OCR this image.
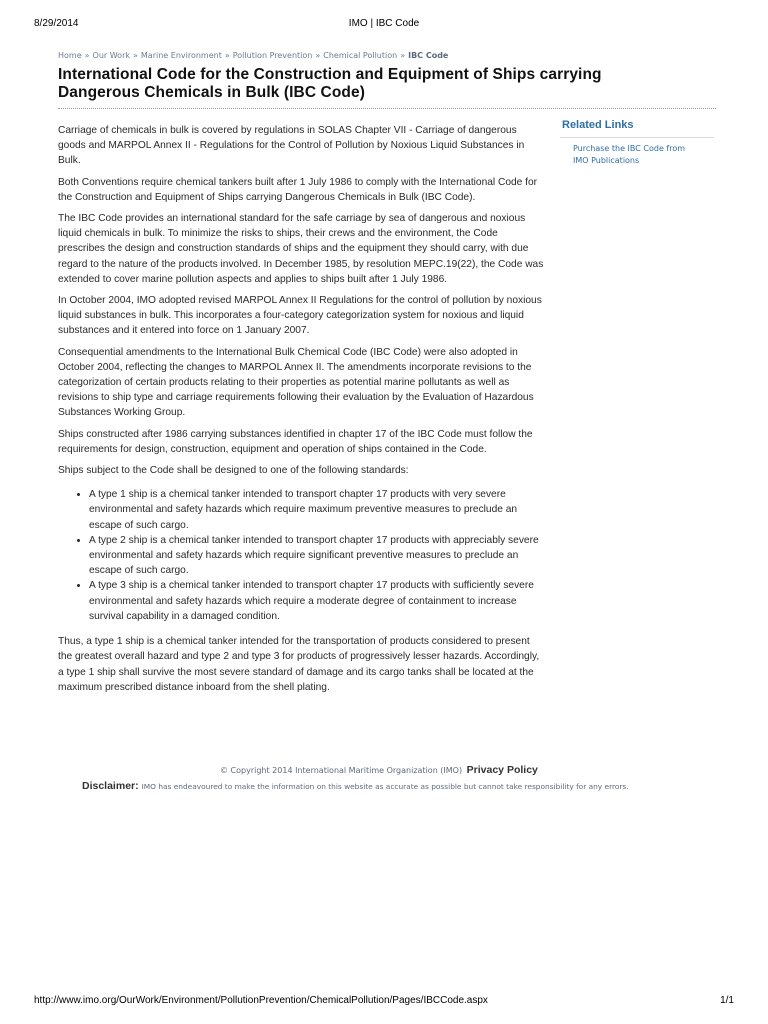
8/29/2014	IMO | IBC Code
Home » Our Work » Marine Environment » Pollution Prevention » Chemical Pollution » IBC Code
International Code for the Construction and Equipment of Ships carrying Dangerous Chemicals in Bulk (IBC Code)

Carriage of chemicals in bulk is covered by regulations in SOLAS Chapter VII - Carriage of dangerous goods and MARPOL Annex II - Regulations for the Control of Pollution by Noxious Liquid Substances in Bulk.

Both Conventions require chemical tankers built after 1 July 1986 to comply with the International Code for the Construction and Equipment of Ships carrying Dangerous Chemicals in Bulk (IBC Code).

The IBC Code provides an international standard for the safe carriage by sea of dangerous and noxious liquid chemicals in bulk. To minimize the risks to ships, their crews and the environment, the Code prescribes the design and construction standards of ships and the equipment they should carry, with due regard to the nature of the products involved. In December 1985, by resolution MEPC.19(22), the Code was extended to cover marine pollution aspects and applies to ships built after 1 July 1986.

In October 2004, IMO adopted revised MARPOL Annex II Regulations for the control of pollution by noxious liquid substances in bulk. This incorporates a four-category categorization system for noxious and liquid substances and it entered into force on 1 January 2007.

Consequential amendments to the International Bulk Chemical Code (IBC Code) were also adopted in October 2004, reflecting the changes to MARPOL Annex II. The amendments incorporate revisions to the categorization of certain products relating to their properties as potential marine pollutants as well as revisions to ship type and carriage requirements following their evaluation by the Evaluation of Hazardous Substances Working Group.

Ships constructed after 1986 carrying substances identified in chapter 17 of the IBC Code must follow the requirements for design, construction, equipment and operation of ships contained in the Code.

Ships subject to the Code shall be designed to one of the following standards:

• A type 1 ship is a chemical tanker intended to transport chapter 17 products with very severe environmental and safety hazards which require maximum preventive measures to preclude an escape of such cargo.
• A type 2 ship is a chemical tanker intended to transport chapter 17 products with appreciably severe environmental and safety hazards which require significant preventive measures to preclude an escape of such cargo.
• A type 3 ship is a chemical tanker intended to transport chapter 17 products with sufficiently severe environmental and safety hazards which require a moderate degree of containment to increase survival capability in a damaged condition.

Thus, a type 1 ship is a chemical tanker intended for the transportation of products considered to present the greatest overall hazard and type 2 and type 3 for products of progressively lesser hazards. Accordingly, a type 1 ship shall survive the most severe standard of damage and its cargo tanks shall be located at the maximum prescribed distance inboard from the shell plating.

Related Links
Purchase the IBC Code from
IMO Publications
© Copyright 2014 International Maritime Organization (IMO) Privacy Policy
Disclaimer: IMO has endeavoured to make the information on this website as accurate as possible but cannot take responsibility for any errors.
http://www.imo.org/OurWork/Environment/PollutionPrevention/ChemicalPollution/Pages/IBCCode.aspx	1/1
